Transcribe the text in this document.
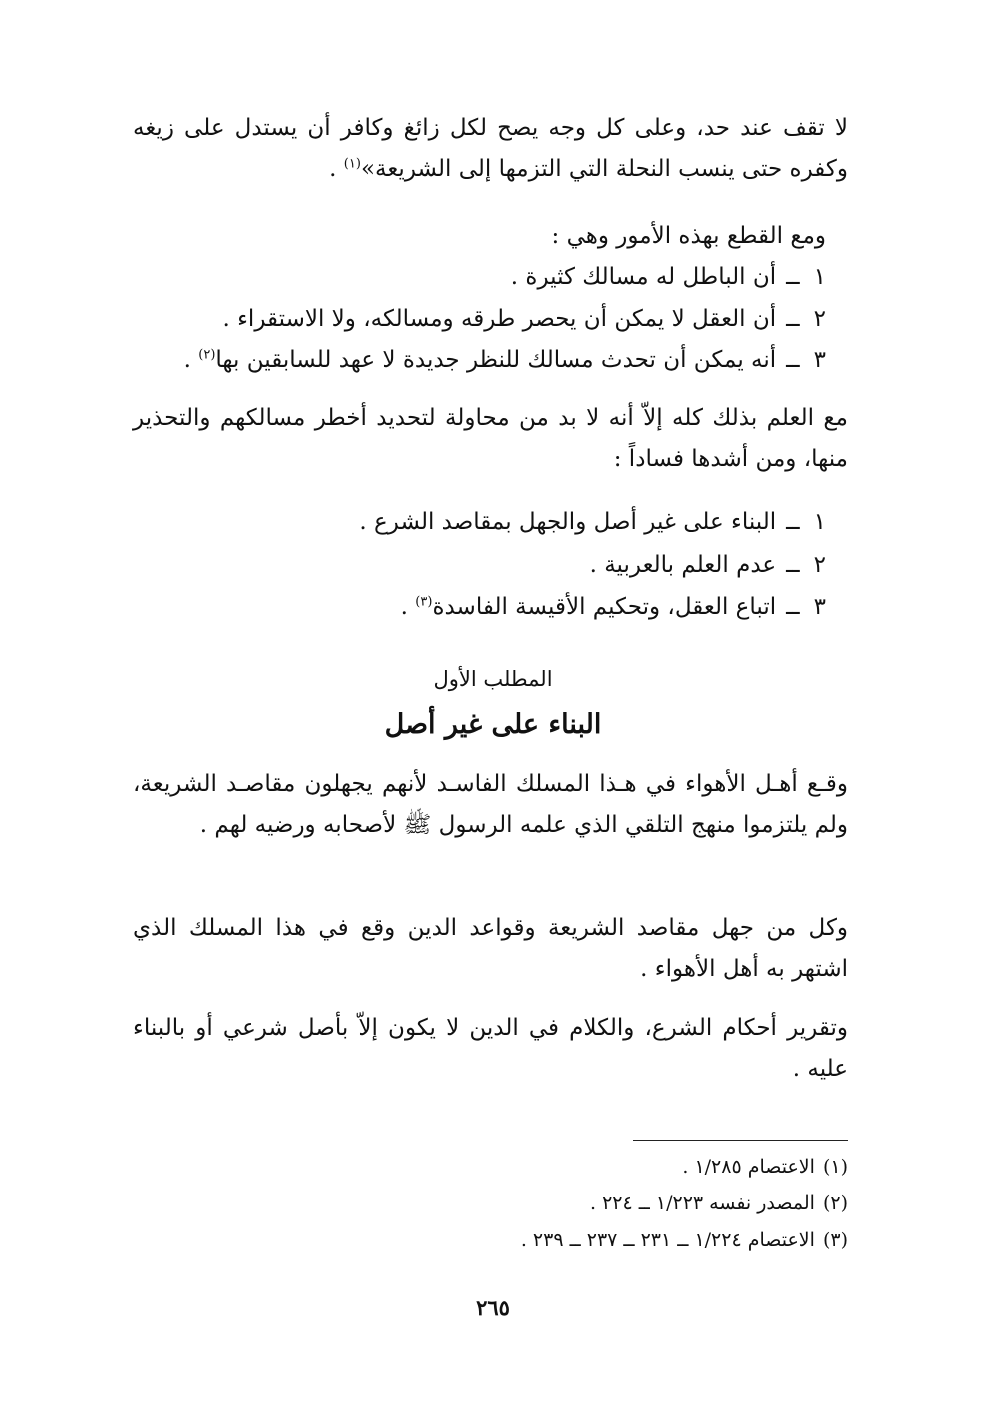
لا تقف عند حد، وعلى كل وجه يصح لكل زائغ وكافر أن يستدل على زيغه وكفره حتى ينسب النحلة التي التزمها إلى الشريعة»$^{(١)}$ .

ومع القطع بهذه الأمور وهي :
١ــأن الباطل له مسالك كثيرة .
٢ــأن العقل لا يمكن أن يحصر طرقه ومسالكه، ولا الاستقراء .
٣ــأنه يمكن أن تحدث مسالك للنظر جديدة لا عهد للسابقين بها$^{(٢)}$ .

مع العلم بذلك كله إلاّ أنه لا بد من محاولة لتحديد أخطر مسالكهم والتحذير منها، ومن أشدها فساداً :

١ــالبناء على غير أصل والجهل بمقاصد الشرع .
٢ــعدم العلم بالعربية .
٣ــاتباع العقل، وتحكيم الأقيسة الفاسدة$^{(٣)}$ .
المطلب الأول
البناء على غير أصل

وقـع أهـل الأهواء في هـذا المسلك الفاسـد لأنهم يجهلون مقاصـد الشريعة، ولم يلتزموا منهج التلقي الذي علمه الرسول ﷺ لأصحابه ورضيه لهم .

وكل من جهل مقاصد الشريعة وقواعد الدين وقع في هذا المسلك الذي اشتهر به أهل الأهواء .

وتقرير أحكام الشرع، والكلام في الدين لا يكون إلاّ بأصل شرعي أو بالبناء عليه .

(١)الاعتصام ١/٢٨٥ .
(٢)المصدر نفسه ١/٢٢٣ ــ ٢٢٤ .
(٣)الاعتصام ١/٢٢٤ ــ ٢٣١ ــ ٢٣٧ ــ ٢٣٩ .
٢٦٥
